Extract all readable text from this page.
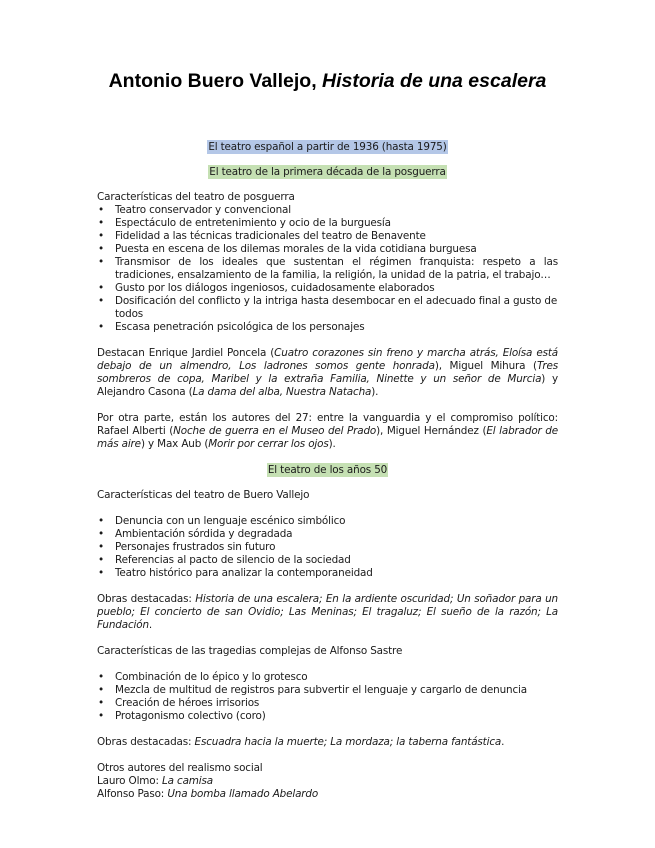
Antonio Buero Vallejo, Historia de una escalera

El teatro español a partir de 1936 (hasta 1975)

El teatro de la primera década de la posguerra

Características del teatro de posguerra

• Teatro conservador y convencional
• Espectáculo de entretenimiento y ocio de la burguesía
• Fidelidad a las técnicas tradicionales del teatro de Benavente
• Puesta en escena de los dilemas morales de la vida cotidiana burguesa
• Transmisor de los ideales que sustentan el régimen franquista: respeto a las tradiciones, ensalzamiento de la familia, la religión, la unidad de la patria, el trabajo…
• Gusto por los diálogos ingeniosos, cuidadosamente elaborados
• Dosificación del conflicto y la intriga hasta desembocar en el adecuado final a gusto de todos
• Escasa penetración psicológica de los personajes

Destacan Enrique Jardiel Poncela (Cuatro corazones sin freno y marcha atrás, Eloísa está debajo de un almendro, Los ladrones somos gente honrada), Miguel Mihura (Tres sombreros de copa, Maribel y la extraña Familia, Ninette y un señor de Murcia) y Alejandro Casona (La dama del alba, Nuestra Natacha).

Por otra parte, están los autores del 27: entre la vanguardia y el compromiso político: Rafael Alberti (Noche de guerra en el Museo del Prado), Miguel Hernández (El labrador de más aire) y Max Aub (Morir por cerrar los ojos).

El teatro de los años 50

Características del teatro de Buero Vallejo

• Denuncia con un lenguaje escénico simbólico
• Ambientación sórdida y degradada
• Personajes frustrados sin futuro
• Referencias al pacto de silencio de la sociedad
• Teatro histórico para analizar la contemporaneidad

Obras destacadas: Historia de una escalera; En la ardiente oscuridad; Un soñador para un pueblo; El concierto de san Ovidio; Las Meninas; El tragaluz; El sueño de la razón; La Fundación.

Características de las tragedias complejas de Alfonso Sastre

• Combinación de lo épico y lo grotesco
• Mezcla de multitud de registros para subvertir el lenguaje y cargarlo de denuncia
• Creación de héroes irrisorios
• Protagonismo colectivo (coro)

Obras destacadas: Escuadra hacia la muerte; La mordaza; la taberna fantástica.

Otros autores del realismo social

Lauro Olmo: La camisa

Alfonso Paso: Una bomba llamado Abelardo
